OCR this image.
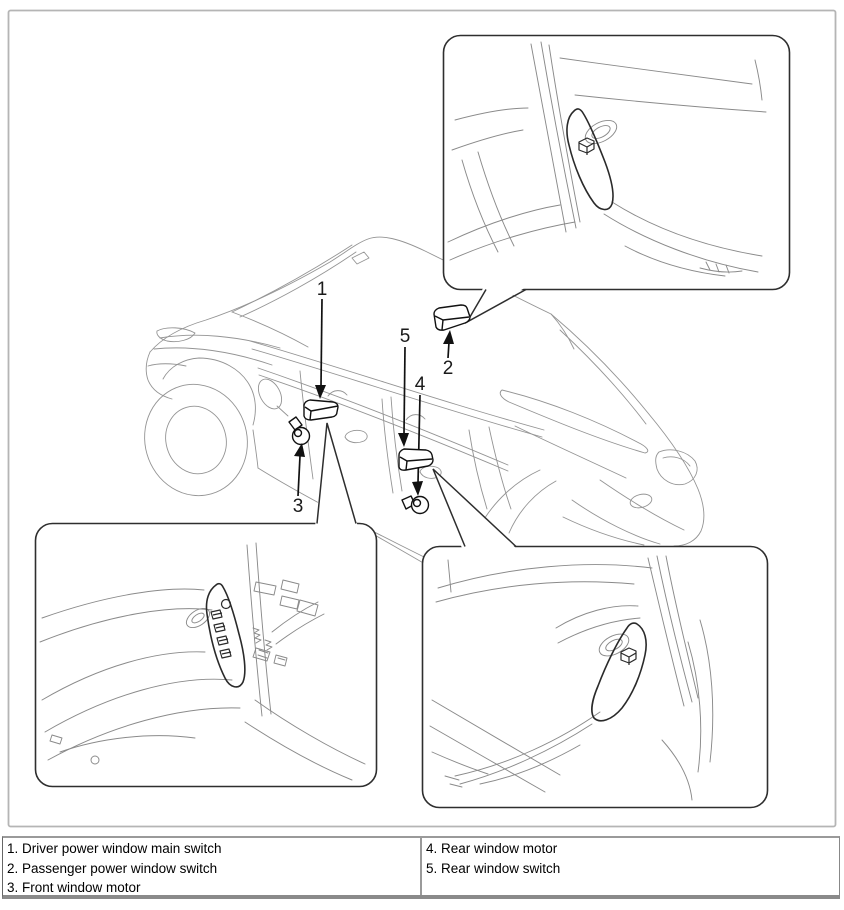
1
2
3
4
5
1. Driver power window main switch
2. Passenger power window switch
3. Front window motor
4. Rear window motor
5. Rear window switch
